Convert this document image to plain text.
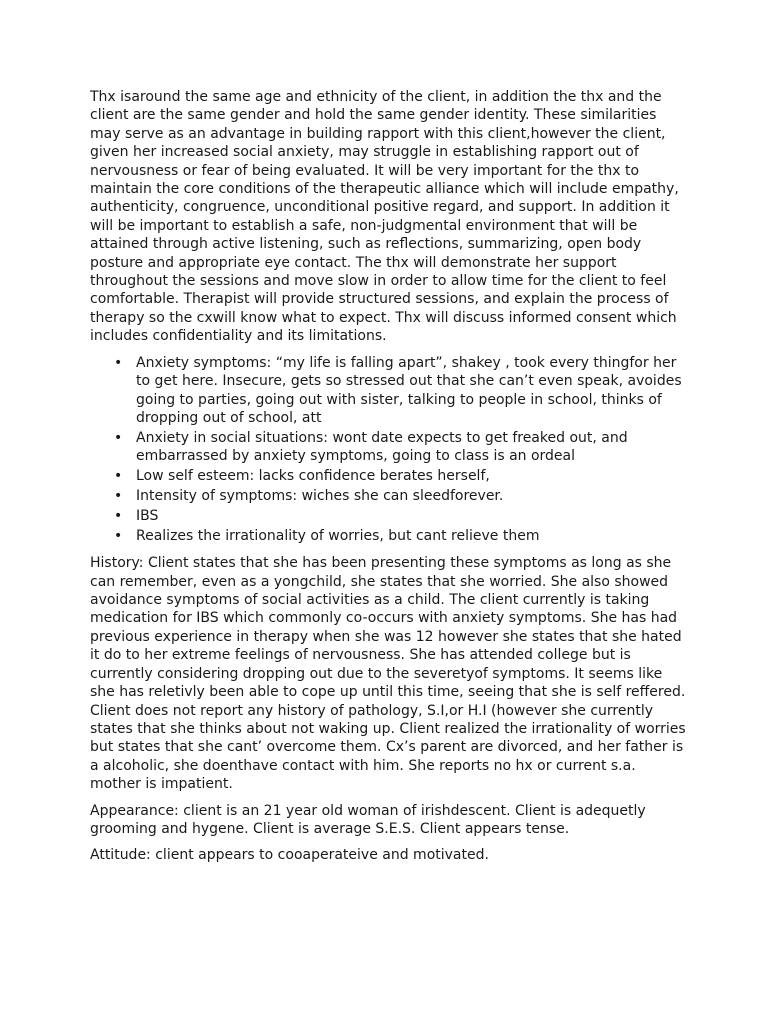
Thx isaround the same age and ethnicity of the client, in addition the thx and the client are the same gender and hold the same gender identity. These similarities may serve as an advantage in building rapport with this client,however the client, given her increased social anxiety, may struggle in establishing rapport out of nervousness or fear of being evaluated. It will be very important for the thx to maintain the core conditions of the therapeutic alliance which will include empathy, authenticity, congruence, unconditional positive regard, and support. In addition it will be important to establish a safe, non-judgmental environment that will be attained through active listening, such as reflections, summarizing, open body posture and appropriate eye contact. The thx will demonstrate her support throughout the sessions and move slow in order to allow time for the client to feel comfortable. Therapist will provide structured sessions, and explain the process of therapy so the cxwill know what to expect. Thx will discuss informed consent which includes confidentiality and its limitations.

• Anxiety symptoms: “my life is falling apart”, shakey , took every thingfor her to get here. Insecure, gets so stressed out that she can’t even speak, avoides going to parties, going out with sister, talking to people in school, thinks of dropping out of school, att
• Anxiety in social situations: wont date expects to get freaked out, and embarrassed by anxiety symptoms, going to class is an ordeal
• Low self esteem: lacks confidence berates herself,
• Intensity of symptoms: wiches she can sleedforever.
• IBS
• Realizes the irrationality of worries, but cant relieve them

History: Client states that she has been presenting these symptoms as long as she can remember, even as a yongchild, she states that she worried. She also showed avoidance symptoms of social activities as a child. The client currently is taking medication for IBS which commonly co-occurs with anxiety symptoms. She has had previous experience in therapy when she was 12 however she states that she hated it do to her extreme feelings of nervousness. She has attended college but is currently considering dropping out due to the severetyof symptoms. It seems like she has reletivly been able to cope up until this time, seeing that she is self reffered. Client does not report any history of pathology, S.I,or H.I (however she currently states that she thinks about not waking up. Client realized the irrationality of worries but states that she cant’ overcome them. Cx’s parent are divorced, and her father is a alcoholic, she doenthave contact with him. She reports no hx or current s.a. mother is impatient.

Appearance: client is an 21 year old woman of irishdescent. Client is adequetly grooming and hygene. Client is average S.E.S. Client appears tense.

Attitude: client appears to cooaperateive and motivated.
